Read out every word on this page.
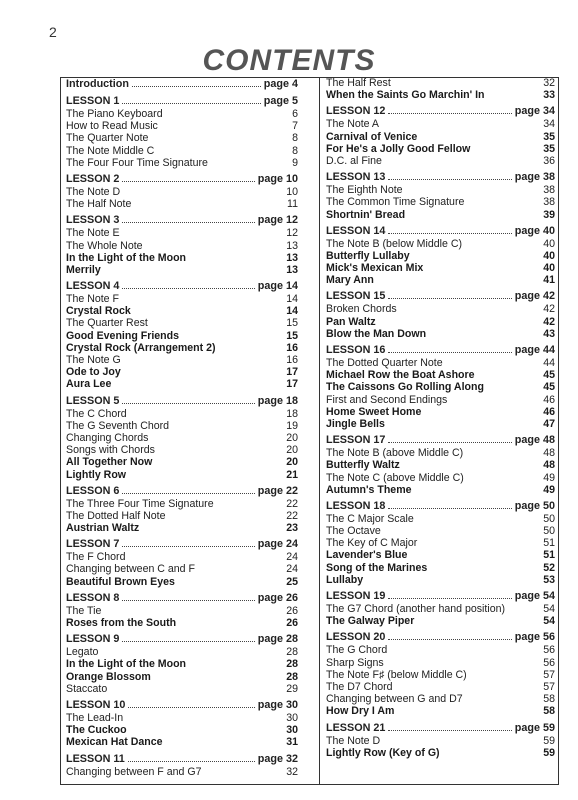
2
CONTENTS
Introduction	page 4
LESSON 1	page 5
The Piano Keyboard	6
How to Read Music	7
The Quarter Note	8
The Note Middle C	8
The Four Four Time Signature	9
LESSON 2	page 10
The Note D	10
The Half Note	11
LESSON 3	page 12
The Note E	12
The Whole Note	13
In the Light of the Moon	13
Merrily	13
LESSON 4	page 14
The Note F	14
Crystal Rock	14
The Quarter Rest	15
Good Evening Friends	15
Crystal Rock (Arrangement 2)	16
The Note G	16
Ode to Joy	17
Aura Lee	17
LESSON 5	page 18
The C Chord	18
The G Seventh Chord	19
Changing Chords	20
Songs with Chords	20
All Together Now	20
Lightly Row	21
LESSON 6	page 22
The Three Four Time Signature	22
The Dotted Half Note	22
Austrian Waltz	23
LESSON 7	page 24
The F Chord	24
Changing between C and F	24
Beautiful Brown Eyes	25
LESSON 8	page 26
The Tie	26
Roses from the South	26
LESSON 9	page 28
Legato	28
In the Light of the Moon	28
Orange Blossom	28
Staccato	29
LESSON 10	page 30
The Lead-In	30
The Cuckoo	30
Mexican Hat Dance	31
LESSON 11	page 32
Changing between F and G7	32
The Half Rest	32
When the Saints Go Marchin' In	33
LESSON 12	page 34
The Note A	34
Carnival of Venice	35
For He's a Jolly Good Fellow	35
D.C. al Fine	36
LESSON 13	page 38
The Eighth Note	38
The Common Time Signature	38
Shortnin' Bread	39
LESSON 14	page 40
The Note B (below Middle C)	40
Butterfly Lullaby	40
Mick's Mexican Mix	40
Mary Ann	41
LESSON 15	page 42
Broken Chords	42
Pan Waltz	42
Blow the Man Down	43
LESSON 16	page 44
The Dotted Quarter Note	44
Michael Row the Boat Ashore	45
The Caissons Go Rolling Along	45
First and Second Endings	46
Home Sweet Home	46
Jingle Bells	47
LESSON 17	page 48
The Note B (above Middle C)	48
Butterfly Waltz	48
The Note C (above Middle C)	49
Autumn's Theme	49
LESSON 18	page 50
The C Major Scale	50
The Octave	50
The Key of C Major	51
Lavender's Blue	51
Song of the Marines	52
Lullaby	53
LESSON 19	page 54
The G7 Chord (another hand position)	54
The Galway Piper	54
LESSON 20	page 56
The G Chord	56
Sharp Signs	56
The Note F♯ (below Middle C)	57
The D7 Chord	57
Changing between G and D7	58
How Dry I Am	58
LESSON 21	page 59
The Note D	59
Lightly Row (Key of G)	59
